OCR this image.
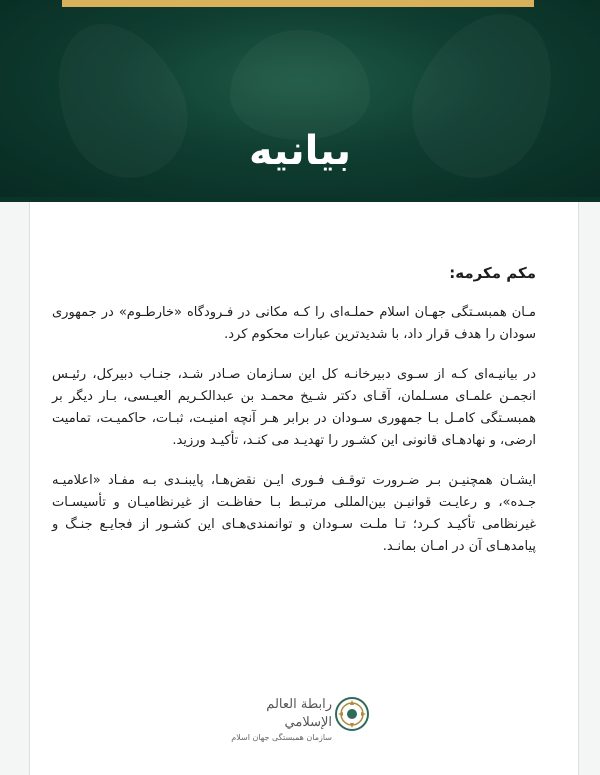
بیانیه

مکم مکرمه:

مـان همبسـتگی جهـان اسلام حملـه‌ای را کـه مکانی در فـرودگاه «خارطـوم» در جمهوری سودان را هدف قرار داد، با شدیدترین عبارات محکوم کرد.

در بیانیـه‌ای کـه از سـوی دبیرخانـه کل این سـازمان صـادر شـد، جنـاب دبیرکل، رئیـس انجمـن علمـای مسـلمان، آقـای دکتر شـیخ محمـد بن عبدالکـریم العیـسی، بـار دیگر بر همبسـتگی کامـل بـا جمهوری سـودان در برابر هـر آنچه امنیـت، ثبـات، حاکمیـت، تمامیت ارضی، و نهادهـای قانونی این کشـور را تهدیـد می کنـد، تأکیـد ورزید.

ایشـان همچنیـن بـر ضـرورت توقـف فـوری ایـن نقض‌هـا، پایبنـدی بـه مفـاد «اعلامیـه جـده»، و رعایـت قوانیـن بین‌المللی مرتبـط بـا حفاظـت از غیرنظامیـان و تأسیسـات غیرنظامی تأکیـد کـرد؛ تـا ملـت سـودان و توانمندی‌هـای این کشـور از فجایـع جنـگ و پیامدهـای آن در امـان بمانـد.

رابطة العالم الإسلامي
سازمان همبستگی جهان اسلام
